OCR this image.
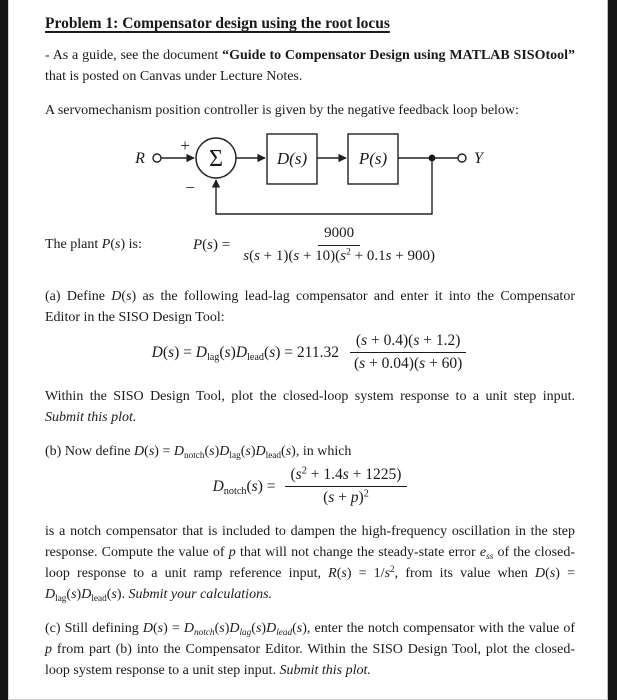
Problem 1: Compensator design using the root locus

- As a guide, see the document “Guide to Compensator Design using MATLAB SISOtool” that is posted on Canvas under Lecture Notes.

A servomechanism position controller is given by the negative feedback loop below:

R
+
Σ	D(s)	P(s)	Y
−
The plant P(s) is:	$P(s) = \frac{9000}{s(s + 1)(s + 10)(s^2 + 0.1s + 900)}$

(a) Define D(s) as the following lead-lag compensator and enter it into the Compensator Editor in the SISO Design Tool:

$D(s) = D_{lag}(s)D_{lead}(s) = 211.32 \frac{(s + 0.4)(s + 1.2)}{(s + 0.04)(s + 60)}$

Within the SISO Design Tool, plot the closed-loop system response to a unit step input. Submit this plot.

(b) Now define $D(s) = D_{notch}(s)D_{lag}(s)D_{lead}(s)$, in which

$D_{notch}(s) = \frac{(s^2 + 1.4s + 1225)}{(s + p)^2}$

is a notch compensator that is included to dampen the high-frequency oscillation in the step response. Compute the value of p that will not change the steady-state error $e_{ss}$ of the closed-loop response to a unit ramp reference input, $R(s) = 1/s^2$, from its value when $D(s) = D_{lag}(s)D_{lead}(s)$. Submit your calculations.

(c) Still defining $D(s) = D_{notch}(s)D_{lag}(s)D_{lead}(s)$, enter the notch compensator with the value of p from part (b) into the Compensator Editor. Within the SISO Design Tool, plot the closed-loop system response to a unit step input. Submit this plot.
